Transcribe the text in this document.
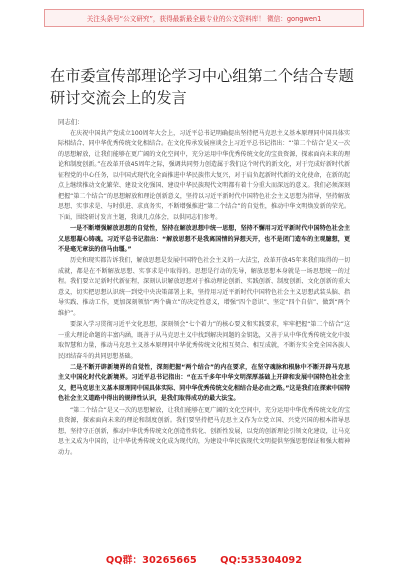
关注头条号“公文研究”，获得最新最全最专业的公文资料库！ 微信：gongwen1
在市委宣传部理论学习中心组第二个结合专题研讨交流会上的发言
同志们：

在庆祝中国共产党成立100周年大会上，习近平总书记明确提出坚持把马克思主义基本原理同中国具体实际相结合、同中华优秀传统文化相结合。在文化传承发展座谈会上习近平总书记指出：“‘第二个结合’是又一次的思想解放，让我们能够在更广阔的文化空间中，充分运用中华优秀传统文化的宝贵资源，探索面向未来的理论和制度创新。”在改革开放45周年之际，强调共同努力创造属于我们这个时代的新文化，对于完成好新时代新征程党的中心任务，以中国式现代化全面推进中华民族伟大复兴，对于肩负起新时代新的文化使命，在新的起点上继续推动文化繁荣、建设文化强国、建设中华民族现代文明都有着十分重大而深远的意义。我们必须深刻把握“第二个结合”的思想解放和理论创新意义，坚持以习近平新时代中国特色社会主义思想为指导，坚持解放思想、实事求是、与时俱进、求真务实，不断增强推进“第二个结合”的自觉性，推动中华文明焕发新的荣光。下面，围绕研讨发言主题，我谈几点体会，以供同志们参考。

一是不断增强解放思想的自觉性，坚持在解放思想中统一思想，坚持不懈用习近平新时代中国特色社会主义思想凝心铸魂。习近平总书记指出：“解放思想不是我离国情的异想天开，也不是闭门造车的主观臆想，更不是毫无章法的信马由缰。”

历史和现实都告诉我们，解放思想是发展中国特色社会主义的一大法宝，改革开放45年来我们取得的一切成就，都是在不断解放思想、实事求是中取得的。思想是行动的先导，解放思想本身就是一场思想统一的过程。我们要立足新时代新征程，深刻认识解放思想对于推动理论创新、实践创新、制度创新、文化创新的重大意义，切实把思想认识统一到党中央决策部署上来，坚持用习近平新时代中国特色社会主义思想武装头脑、指导实践、推动工作，更加深刻领悟“两个确立”的决定性意义，增强“四个意识”、坚定“四个自信”、做到“两个维护”。

要深入学习贯彻习近平文化思想，深刻领会“七个着力”的核心要义和实践要求，牢牢把握“第二个结合”这一重大理论命题的丰富内涵，既善于从马克思主义中找到解决问题的金钥匙，又善于从中华优秀传统文化中汲取智慧和力量，推动马克思主义基本原理同中华优秀传统文化相互契合、相互成就，不断夯实全党全国各族人民团结奋斗的共同思想基础。

二是不断开辟新境界的自觉性，深刻把握“两个结合”的内在要求，在坚守魂脉和根脉中不断开辟马克思主义中国化时代化新境界。习近平总书记指出：“在五千多年中华文明深厚基础上开辟和发展中国特色社会主义，把马克思主义基本原理同中国具体实际、同中华优秀传统文化相结合是必由之路。”这是我们在探索中国特色社会主义道路中得出的规律性认识，是我们取得成功的最大法宝。

“第二个结合”是又一次的思想解放，让我们能够在更广阔的文化空间中，充分运用中华优秀传统文化的宝贵资源，探索面向未来的理论和制度创新。我们要坚持把马克思主义作为立党立国、兴党兴国的根本指导思想，坚持守正创新，推动中华优秀传统文化创造性转化、创新性发展，以党的创新理论引领文化建设，让马克思主义成为中国的，让中华优秀传统文化成为现代的，为建设中华民族现代文明提供坚强思想保证和强大精神动力。

QQ群：30265665 QQ:535304092
